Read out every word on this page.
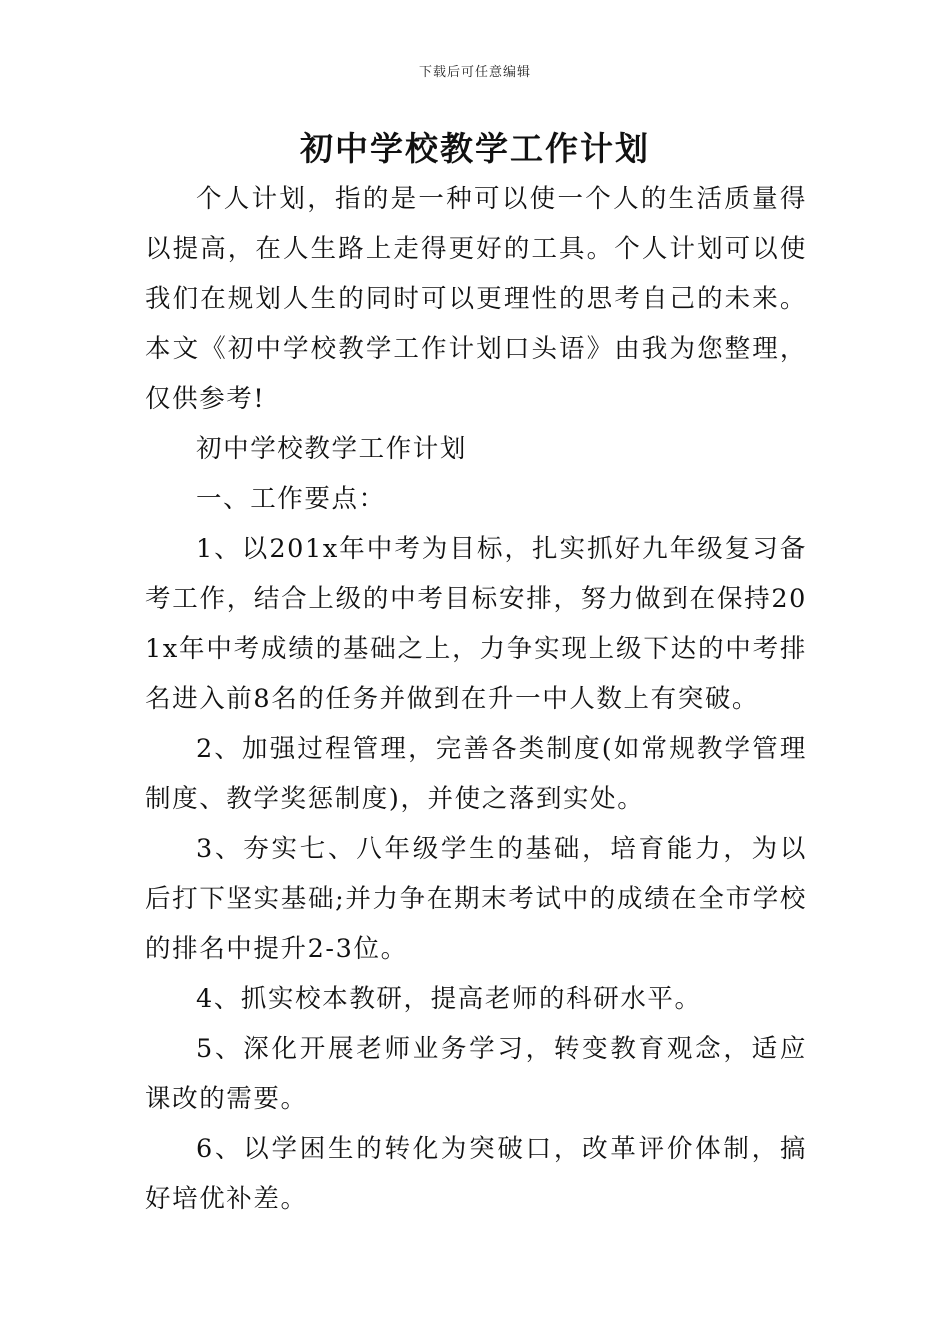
下载后可任意编辑
初中学校教学工作计划

个人计划，指的是一种可以使一个人的生活质量得以提高，在人生路上走得更好的工具。个人计划可以使我们在规划人生的同时可以更理性的思考自己的未来。本文《初中学校教学工作计划口头语》由我为您整理，仅供参考!

初中学校教学工作计划

一、工作要点：

1、以201x年中考为目标，扎实抓好九年级复习备考工作，结合上级的中考目标安排，努力做到在保持201x年中考成绩的基础之上，力争实现上级下达的中考排名进入前8名的任务并做到在升一中人数上有突破。

2、加强过程管理，完善各类制度(如常规教学管理制度、教学奖惩制度)，并使之落到实处。

3、夯实七、八年级学生的基础，培育能力，为以后打下坚实基础;并力争在期末考试中的成绩在全市学校的排名中提升2-3位。

4、抓实校本教研，提高老师的科研水平。

5、深化开展老师业务学习，转变教育观念，适应课改的需要。

6、以学困生的转化为突破口，改革评价体制，搞好培优补差。
